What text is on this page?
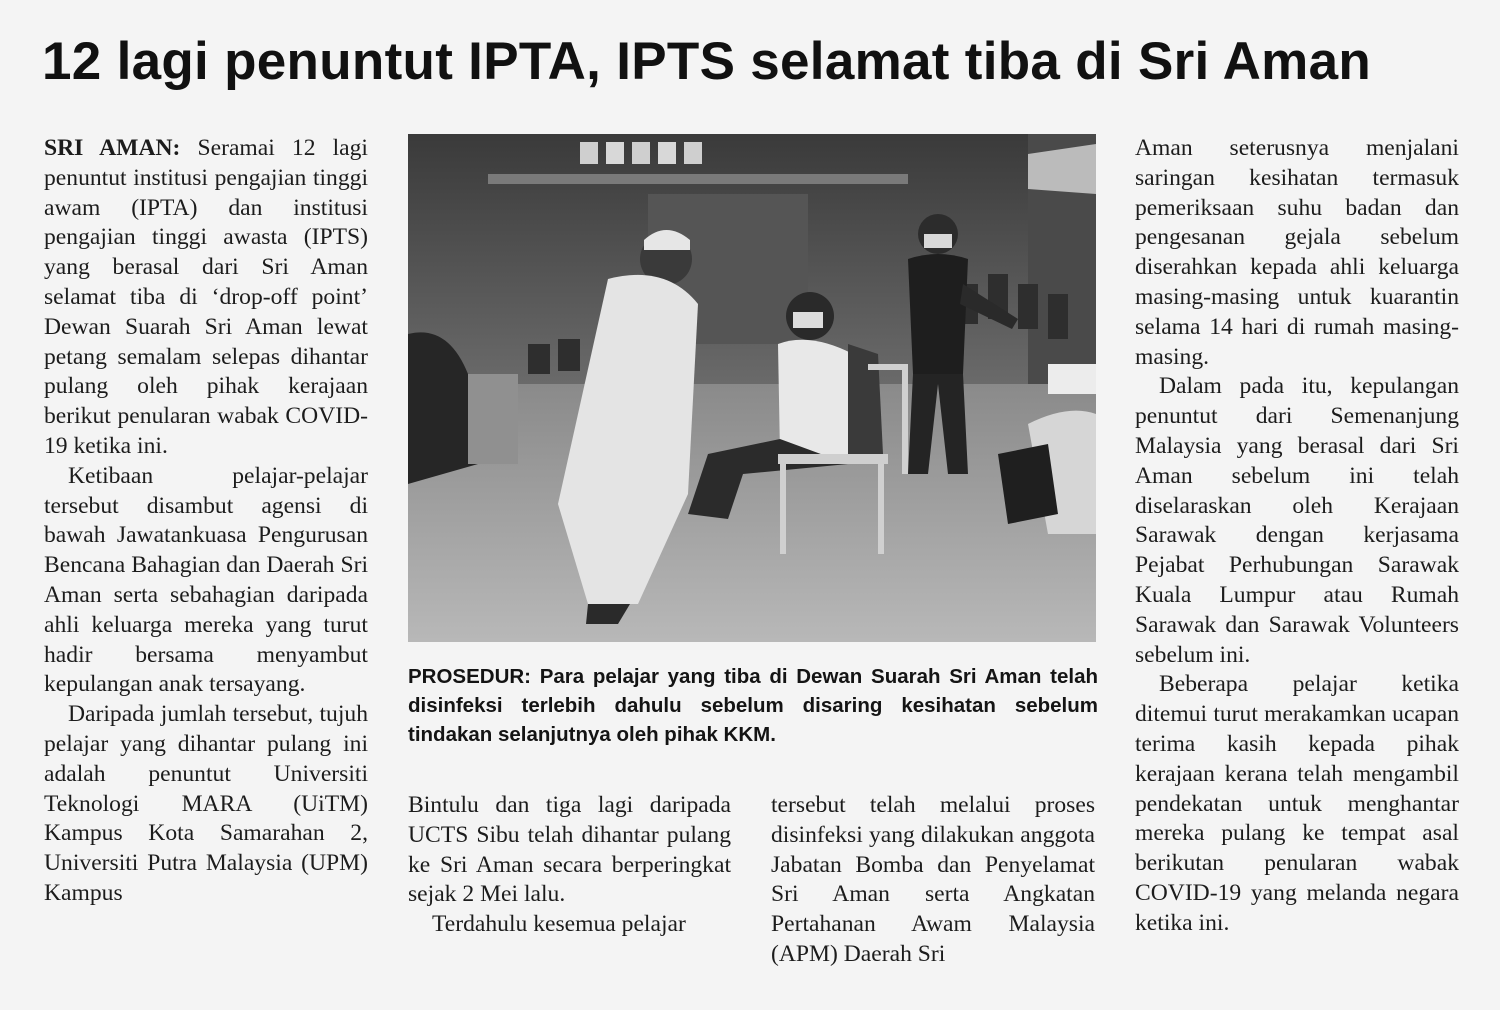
12 lagi penuntut IPTA, IPTS selamat tiba di Sri Aman

SRI AMAN: Seramai 12 lagi penuntut institusi pengajian tinggi awam (IPTA) dan institusi pengajian tinggi awasta (IPTS) yang berasal dari Sri Aman selamat tiba di ‘drop-off point’ Dewan Suarah Sri Aman lewat petang semalam selepas dihantar pulang oleh pihak kerajaan berikut penularan wabak COVID-19 ketika ini.

Ketibaan pelajar-pelajar tersebut disambut agensi di bawah Jawatankuasa Pengurusan Bencana Bahagian dan Daerah Sri Aman serta sebahagian daripada ahli keluarga mereka yang turut hadir bersama menyambut kepulangan anak tersayang.

Daripada jumlah tersebut, tujuh pelajar yang dihantar pulang ini adalah penuntut Universiti Teknologi MARA (UiTM) Kampus Kota Samarahan 2, Universiti Putra Malaysia (UPM) Kampus

PROSEDUR: Para pelajar yang tiba di Dewan Suarah Sri Aman telah disinfeksi terlebih dahulu sebelum disaring kesihatan sebelum tindakan selanjutnya oleh pihak KKM.

Bintulu dan tiga lagi daripada UCTS Sibu telah dihantar pulang ke Sri Aman secara berperingkat sejak 2 Mei lalu.

Terdahulu kesemua pelajar

tersebut telah melalui proses disinfeksi yang dilakukan anggota Jabatan Bomba dan Penyelamat Sri Aman serta Angkatan Pertahanan Awam Malaysia (APM) Daerah Sri

Aman seterusnya menjalani saringan kesihatan termasuk pemeriksaan suhu badan dan pengesanan gejala sebelum diserahkan kepada ahli keluarga masing-masing untuk kuarantin selama 14 hari di rumah masing-masing.

Dalam pada itu, kepulangan penuntut dari Semenanjung Malaysia yang berasal dari Sri Aman sebelum ini telah diselaraskan oleh Kerajaan Sarawak dengan kerjasama Pejabat Perhubungan Sarawak Kuala Lumpur atau Rumah Sarawak dan Sarawak Volunteers sebelum ini.

Beberapa pelajar ketika ditemui turut merakamkan ucapan terima kasih kepada pihak kerajaan kerana telah mengambil pendekatan untuk menghantar mereka pulang ke tempat asal berikutan penularan wabak COVID-19 yang melanda negara ketika ini.
